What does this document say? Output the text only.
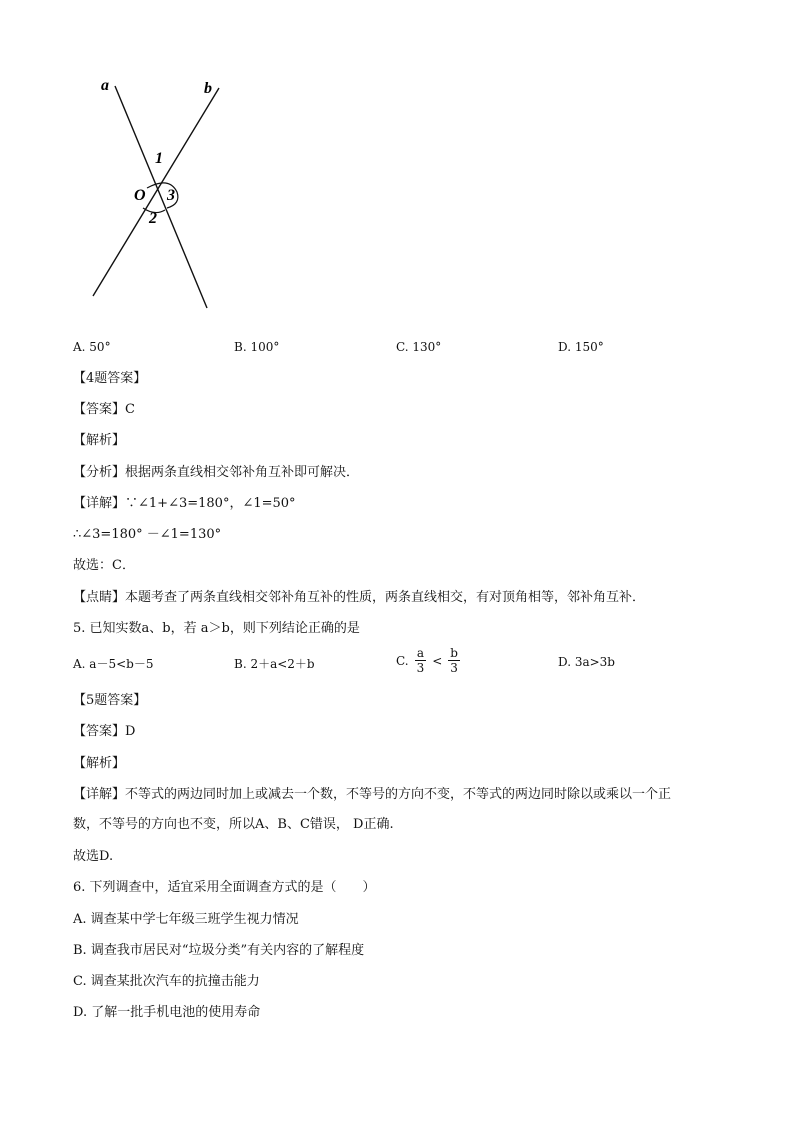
a	b
1
O 3
2
A. 50°	B. 100°	C. 130°	D. 150°
【4题答案】
【答案】C
【解析】
【分析】根据两条直线相交邻补角互补即可解决．
【详解】∵∠1+∠3=180°，∠1=50°
∴∠3=180° －∠1=130°
故选：C．
【点睛】本题考查了两条直线相交邻补角互补的性质，两条直线相交，有对顶角相等，邻补角互补．
5. 已知实数a、b，若 a＞b，则下列结论正确的是
A. a－5<b－5	B. 2＋a<2＋b	C. $\frac{a}{3} < \frac{b}{3}$	D. 3a>3b
【5题答案】
【答案】D
【解析】
【详解】不等式的两边同时加上或减去一个数，不等号的方向不变，不等式的两边同时除以或乘以一个正
数，不等号的方向也不变，所以A、B、C错误， D正确.
故选D.
6. 下列调查中，适宜采用全面调查方式的是（　　）
A. 调查某中学七年级三班学生视力情况
B. 调查我市居民对“垃圾分类”有关内容的了解程度
C. 调查某批次汽车的抗撞击能力
D. 了解一批手机电池的使用寿命
